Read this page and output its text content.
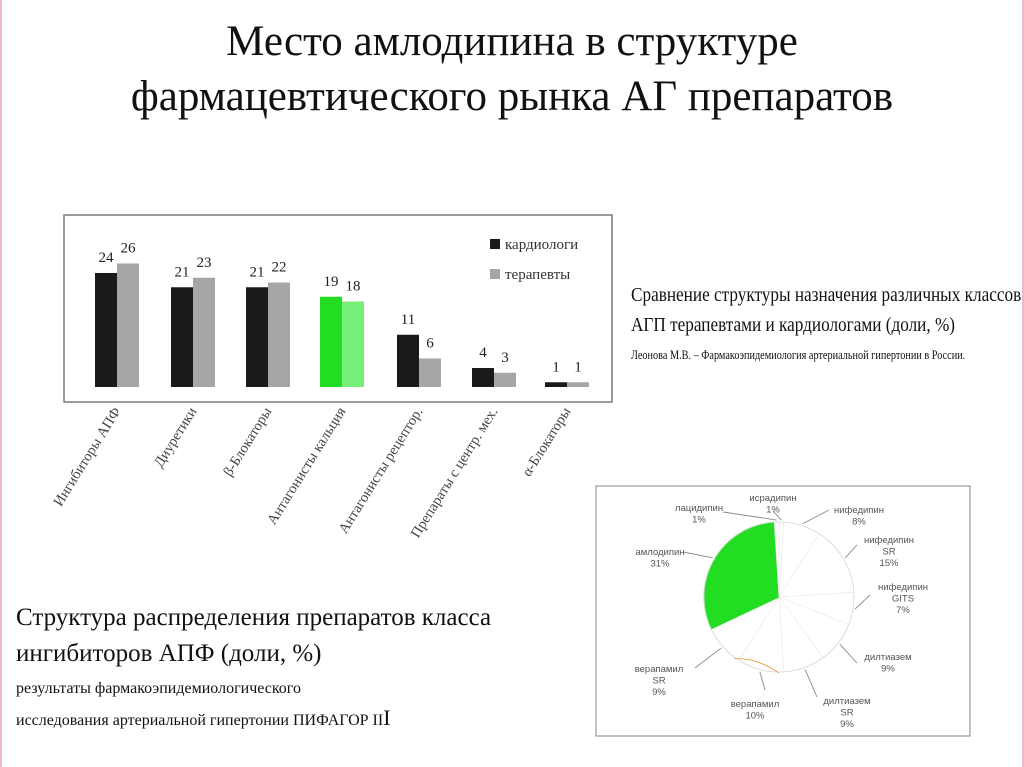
Место амлодипина в структуре
фармацевтического рынка АГ препаратов
24
26
21
23
21 22
19 18
11
6
4 3
1 1
Ингибиторы АПФ Диуретики β-Блокаторы
Антагонисты кальция
Антагонисты рецептор.
Препараты с центр. мех. α-Блокаторы
кардиологи
терапевты
Сравнение структуры назначения различных классов
АГП терапевтами и кардиологами (доли, %)
Леонова М.В. – Фармакоэпидемиология артериальной гипертонии в России.
исрадипин 1%	нифедипин 8%
нифедипин SR 15%
нифедипин GITS 7%
дилтиазем 9%
дилтиазем SR 9%
верапамил 10%
верапамил SR 9%
амлодипин 31%
лацидипин 1%
Структура распределения препаратов класса
ингибиторов АПФ (доли, %)
результаты фармакоэпидемиологического
исследования артериальной гипертонии ПИФАГОР III
